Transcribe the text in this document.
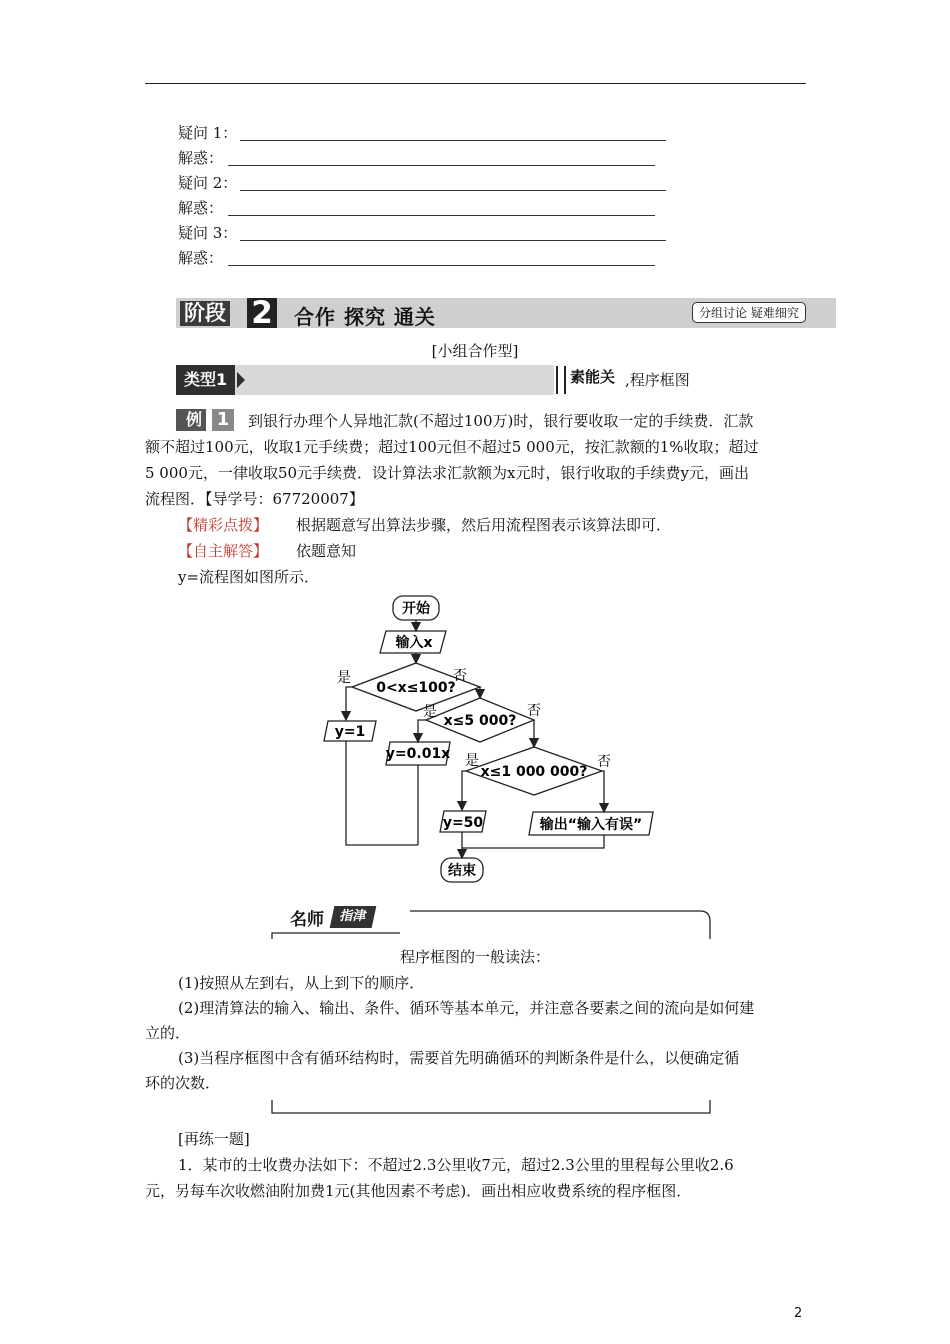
疑问 1：
解惑：
疑问 2：
解惑：
疑问 3：
解惑：
阶段 2 合作 探究 通关	分组讨论 疑难细究
[小组合作型]
类型1	素能关 ,程序框图
例 1	到银行办理个人异地汇款(不超过100万)时，银行要收取一定的手续费．汇款
额不超过100元，收取1元手续费；超过100元但不超过5 000元，按汇款额的1%收取；超过
5 000元，一律收取50元手续费．设计算法求汇款额为x元时，银行收取的手续费y元，画出
流程图．【导学号：67720007】
【精彩点拨】 根据题意写出算法步骤，然后用流程图表示该算法即可．
【自主解答】 依题意知
y=流程图如图所示．
开始
输入x
0<x≤100?
x≤5 000?
x≤1 000 000?
y=1
y=0.01x
y=50	输出“输入有误”
结束
是	否
是	否
是	否
名师	指津
程序框图的一般读法：
(1)按照从左到右，从上到下的顺序．
(2)理清算法的输入、输出、条件、循环等基本单元，并注意各要素之间的流向是如何建
立的．
(3)当程序框图中含有循环结构时，需要首先明确循环的判断条件是什么，以便确定循
环的次数．
[再练一题]
1．某市的士收费办法如下：不超过2.3公里收7元，超过2.3公里的里程每公里收2.6
元，另每车次收燃油附加费1元(其他因素不考虑)．画出相应收费系统的程序框图．
2
